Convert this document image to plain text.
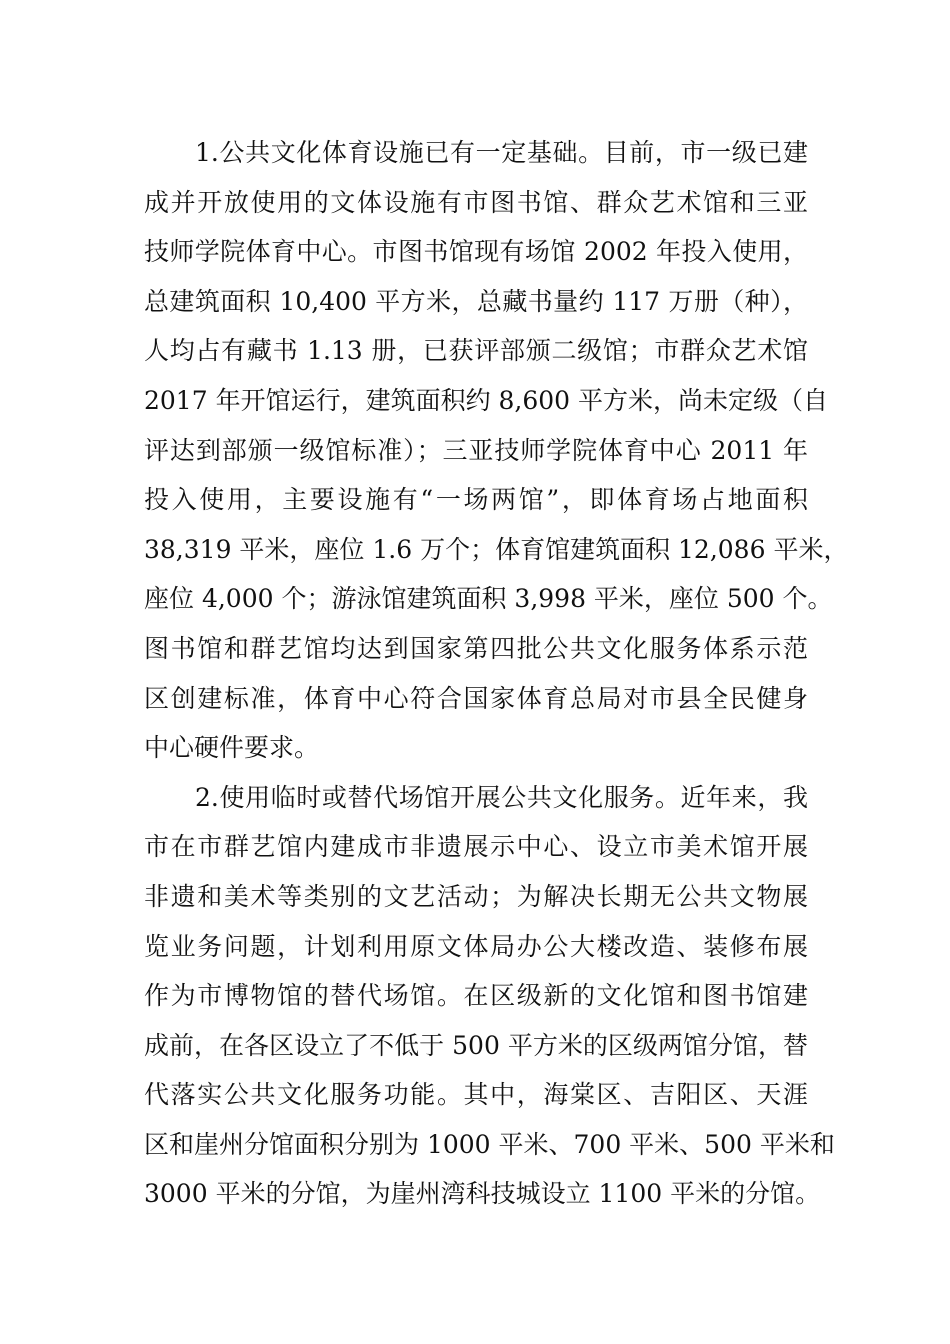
1.公共文化体育设施已有一定基础。目前，市一级已建
成并开放使用的文体设施有市图书馆、群众艺术馆和三亚
技师学院体育中心。市图书馆现有场馆 2002 年投入使用，
总建筑面积 10,400 平方米，总藏书量约 117 万册（种），
人均占有藏书 1.13 册，已获评部颁二级馆；市群众艺术馆
2017 年开馆运行，建筑面积约 8,600 平方米，尚未定级（自
评达到部颁一级馆标准）；三亚技师学院体育中心 2011 年
投入使用，主要设施有“一场两馆”，即体育场占地面积
38,319 平米，座位 1.6 万个；体育馆建筑面积 12,086 平米，
座位 4,000 个；游泳馆建筑面积 3,998 平米，座位 500 个。
图书馆和群艺馆均达到国家第四批公共文化服务体系示范
区创建标准，体育中心符合国家体育总局对市县全民健身
中心硬件要求。
2.使用临时或替代场馆开展公共文化服务。近年来，我
市在市群艺馆内建成市非遗展示中心、设立市美术馆开展
非遗和美术等类别的文艺活动；为解决长期无公共文物展
览业务问题，计划利用原文体局办公大楼改造、装修布展
作为市博物馆的替代场馆。在区级新的文化馆和图书馆建
成前，在各区设立了不低于 500 平方米的区级两馆分馆，替
代落实公共文化服务功能。其中，海棠区、吉阳区、天涯
区和崖州分馆面积分别为 1000 平米、700 平米、500 平米和
3000 平米的分馆，为崖州湾科技城设立 1100 平米的分馆。
